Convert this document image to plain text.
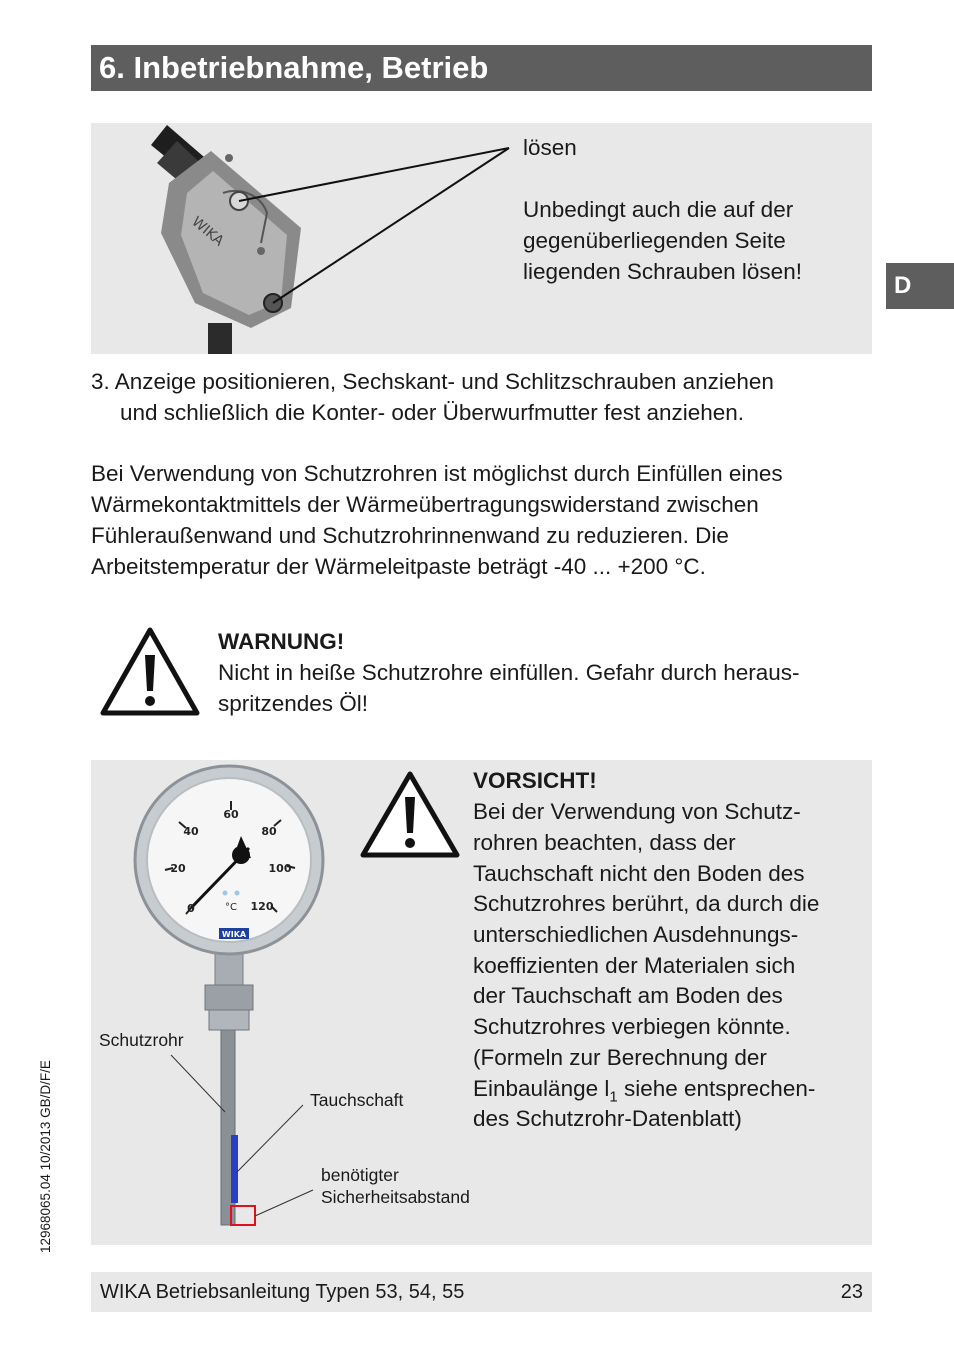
6. Inbetriebnahme, Betrieb
D
WIKA
lösen
Unbedingt auch die auf der
gegenüberliegenden Seite
liegenden Schrauben lösen!
3. Anzeige positionieren, Sechskant- und Schlitzschrauben anziehen
und schließlich die Konter- oder Überwurfmutter fest anziehen.
Bei Verwendung von Schutzrohren ist möglichst durch Einfüllen eines
Wärmekontaktmittels der Wärmeübertragungswiderstand zwischen
Fühleraußenwand und Schutzrohrinnenwand zu reduzieren. Die
Arbeitstemperatur der Wärmeleitpaste beträgt -40 ... +200 °C.
WARNUNG!
Nicht in heiße Schutzrohre einfüllen. Gefahr durch heraus-
spritzendes Öl!
0
20
40
60
80
100
120
°C
WIKA
Schutzrohr
Tauchschaft
benötigter
Sicherheitsabstand
VORSICHT!
Bei der Verwendung von Schutz-
rohren beachten, dass der
Tauchschaft nicht den Boden des
Schutzrohres berührt, da durch die
unterschiedlichen Ausdehnungs-
koeffizienten der Materialen sich
der Tauchschaft am Boden des
Schutzrohres verbiegen könnte.
(Formeln zur Berechnung der
Einbaulänge $l_1$ siehe entsprechen-
des Schutzrohr-Datenblatt)
12968065.04 10/2013 GB/D/F/E
WIKA Betriebsanleitung Typen 53, 54, 55	23
